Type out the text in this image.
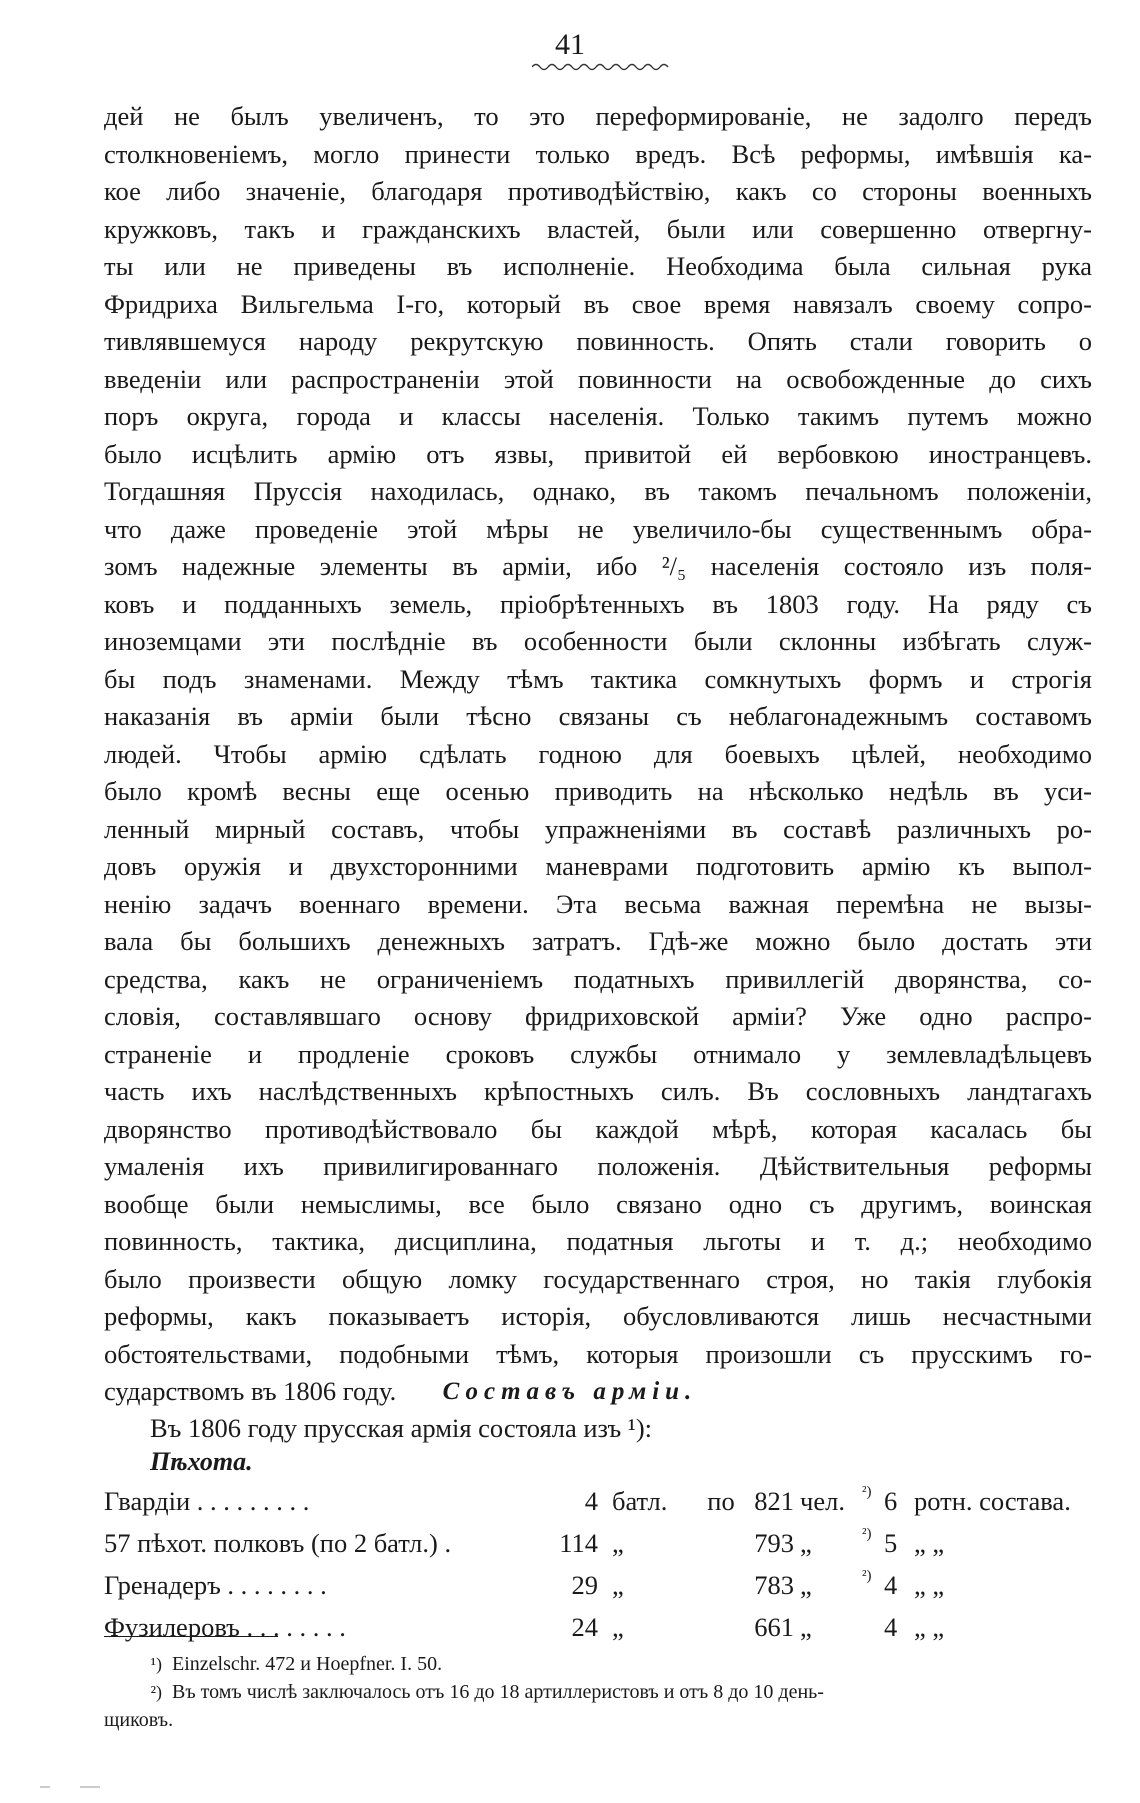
41
дей не былъ увеличенъ, то это переформированіе, не задолго передъ
столкновеніемъ, могло принести только вредъ. Всѣ реформы, имѣвшія ка-
кое либо значеніе, благодаря противодѣйствію, какъ со стороны военныхъ
кружковъ, такъ и гражданскихъ властей, были или совершенно отвергну-
ты или не приведены въ исполненіе. Необходима была сильная рука
Фридриха Вильгельма I-го, который въ свое время навязалъ своему сопро-
тивлявшемуся народу рекрутскую повинность. Опять стали говорить о
введеніи или распространеніи этой повинности на освобожденные до сихъ
поръ округа, города и классы населенія. Только такимъ путемъ можно
было исцѣлить армію отъ язвы, привитой ей вербовкою иностранцевъ.
Тогдашняя Пруссія находилась, однако, въ такомъ печальномъ положеніи,
что даже проведеніе этой мѣры не увеличило-бы существеннымъ обра-
зомъ надежные элементы въ арміи, ибо ²/₅ населенія состояло изъ поля-
ковъ и подданныхъ земель, пріобрѣтенныхъ въ 1803 году. На ряду съ
иноземцами эти послѣдніе въ особенности были склонны избѣгать служ-
бы подъ знаменами. Между тѣмъ тактика сомкнутыхъ формъ и строгія
наказанія въ арміи были тѣсно связаны съ неблагонадежнымъ составомъ
людей. Чтобы армію сдѣлать годною для боевыхъ цѣлей, необходимо
было кромѣ весны еще осенью приводить на нѣсколько недѣль въ уси-
ленный мирный составъ, чтобы упражненіями въ составѣ различныхъ ро-
довъ оружія и двухсторонними маневрами подготовить армію къ выпол-
ненію задачъ военнаго времени. Эта весьма важная перемѣна не вызы-
вала бы большихъ денежныхъ затратъ. Гдѣ-же можно было достать эти
средства, какъ не ограниченіемъ податныхъ привиллегій дворянства, со-
словія, составлявшаго основу фридриховской арміи? Уже одно распро-
страненіе и продленіе сроковъ службы отнимало у землевладѣльцевъ
часть ихъ наслѣдственныхъ крѣпостныхъ силъ. Въ сословныхъ ландтагахъ
дворянство противодѣйствовало бы каждой мѣрѣ, которая касалась бы
умаленія ихъ привилигированнаго положенія. Дѣйствительныя реформы
вообще были немыслимы, все было связано одно съ другимъ, воинская
повинность, тактика, дисциплина, податныя льготы и т. д.; необходимо
было произвести общую ломку государственнаго строя, но такія глубокія
реформы, какъ показываетъ исторія, обусловливаются лишь несчастными
обстоятельствами, подобными тѣмъ, которыя произошли съ прусскимъ го-
сударствомъ въ 1806 году.	Составъ арміи.
Въ 1806 году прусская армія состояла изъ ¹):
Пѣхота.
Гвардіи . . . . . . . . .	4	батл.	по	821	чел.	²)	6	ротн. состава.
57 пѣхот. полковъ (по 2 батл.) .	114	„		793	„	²)	5	„ „
Гренадеръ . . . . . . . .	29	„		783	„	²)	4	„ „
Фузилеровъ . . . . . . . .	24	„		661	„		4	„ „
¹) Einzelschr. 472 и Hoepfner. I. 50.
²) Въ томъ числѣ заключалось отъ 16 до 18 артиллеристовъ и отъ 8 до 10 день-
щиковъ.
